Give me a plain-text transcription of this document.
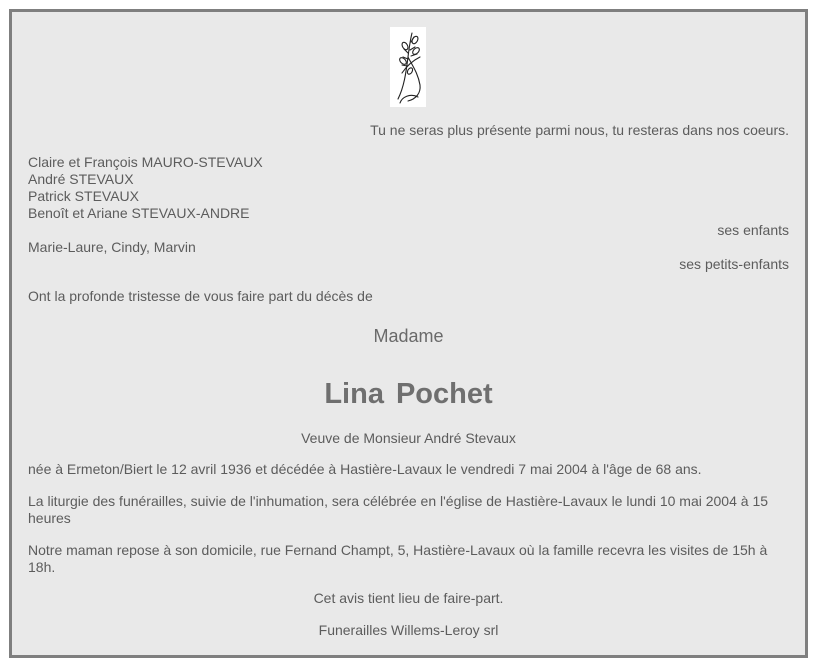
Tu ne seras plus présente parmi nous, tu resteras dans nos coeurs.
Claire et François MAURO-STEVAUX
André STEVAUX
Patrick STEVAUX
Benoît et Ariane STEVAUX-ANDRE
ses enfants
Marie-Laure, Cindy, Marvin
ses petits-enfants
Ont la profonde tristesse de vous faire part du décès de
Madame
Lina Pochet
Veuve de Monsieur André Stevaux
née à Ermeton/Biert le 12 avril 1936 et décédée à Hastière-Lavaux le vendredi 7 mai 2004 à l'âge de 68 ans.
La liturgie des funérailles, suivie de l'inhumation, sera célébrée en l'église de Hastière-Lavaux le lundi 10 mai 2004 à 15 heures
Notre maman repose à son domicile, rue Fernand Champt, 5, Hastière-Lavaux où la famille recevra les visites de 15h à 18h.
Cet avis tient lieu de faire-part.
Funerailles Willems-Leroy srl
